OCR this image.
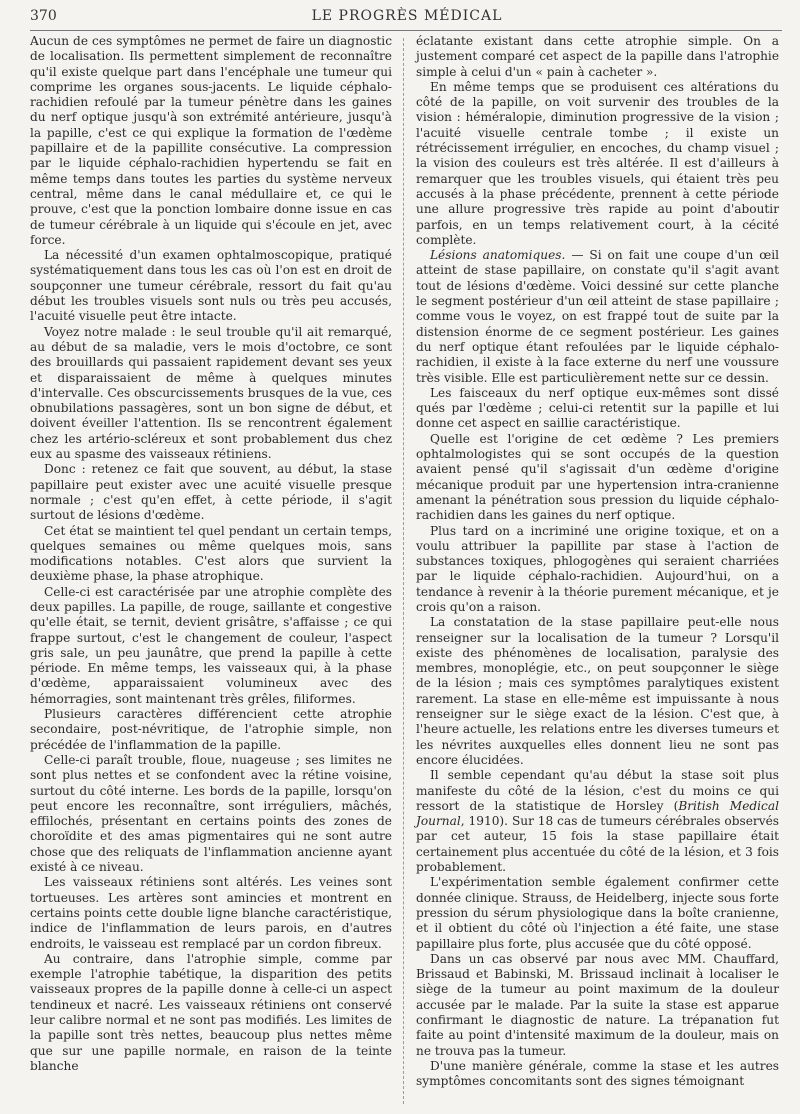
370	LE PROGRÈS MÉDICAL

Aucun de ces symptômes ne permet de faire un diagnostic de localisation. Ils permettent simplement de reconnaître qu'il existe quelque part dans l'encéphale une tumeur qui comprime les organes sous-jacents. Le liquide céphalo-rachidien refoulé par la tumeur pénètre dans les gaines du nerf optique jusqu'à son extrémité antérieure, jusqu'à la papille, c'est ce qui explique la formation de l'œdème papillaire et de la papillite consécutive. La compression par le liquide céphalo-rachidien hypertendu se fait en même temps dans toutes les parties du système nerveux central, même dans le canal médullaire et, ce qui le prouve, c'est que la ponction lombaire donne issue en cas de tumeur cérébrale à un liquide qui s'écoule en jet, avec force.

La nécessité d'un examen ophtalmoscopique, pratiqué systématiquement dans tous les cas où l'on est en droit de soupçonner une tumeur cérébrale, ressort du fait qu'au début les troubles visuels sont nuls ou très peu accusés, l'acuité visuelle peut être intacte.

Voyez notre malade : le seul trouble qu'il ait remarqué, au début de sa maladie, vers le mois d'octobre, ce sont des brouillards qui passaient rapidement devant ses yeux et disparaissaient de même à quelques minutes d'intervalle. Ces obscurcissements brusques de la vue, ces obnubilations passagères, sont un bon signe de début, et doivent éveiller l'attention. Ils se rencontrent également chez les artério-scléreux et sont probablement dus chez eux au spasme des vaisseaux rétiniens.

Donc : retenez ce fait que souvent, au début, la stase papillaire peut exister avec une acuité visuelle presque normale ; c'est qu'en effet, à cette période, il s'agit surtout de lésions d'œdème.

Cet état se maintient tel quel pendant un certain temps, quelques semaines ou même quelques mois, sans modifications notables. C'est alors que survient la deuxième phase, la phase atrophique.

Celle-ci est caractérisée par une atrophie complète des deux papilles. La papille, de rouge, saillante et congestive qu'elle était, se ternit, devient grisâtre, s'affaisse ; ce qui frappe surtout, c'est le changement de couleur, l'aspect gris sale, un peu jaunâtre, que prend la papille à cette période. En même temps, les vaisseaux qui, à la phase d'œdème, apparaissaient volumineux avec des hémorragies, sont maintenant très grêles, filiformes.

Plusieurs caractères différencient cette atrophie secondaire, post-névritique, de l'atrophie simple, non précédée de l'inflammation de la papille.

Celle-ci paraît trouble, floue, nuageuse ; ses limites ne sont plus nettes et se confondent avec la rétine voisine, surtout du côté interne. Les bords de la papille, lorsqu'on peut encore les reconnaître, sont irréguliers, mâchés, effilochés, présentant en certains points des zones de choroïdite et des amas pigmentaires qui ne sont autre chose que des reliquats de l'inflammation ancienne ayant existé à ce niveau.

Les vaisseaux rétiniens sont altérés. Les veines sont tortueuses. Les artères sont amincies et montrent en certains points cette double ligne blanche caractéristique, indice de l'inflammation de leurs parois, en d'autres endroits, le vaisseau est remplacé par un cordon fibreux.

Au contraire, dans l'atrophie simple, comme par exemple l'atrophie tabétique, la disparition des petits vaisseaux propres de la papille donne à celle-ci un aspect tendineux et nacré. Les vaisseaux rétiniens ont conservé leur calibre normal et ne sont pas modifiés. Les limites de la papille sont très nettes, beaucoup plus nettes même que sur une papille normale, en raison de la teinte blanche

éclatante existant dans cette atrophie simple. On a justement comparé cet aspect de la papille dans l'atrophie simple à celui d'un « pain à cacheter ».

En même temps que se produisent ces altérations du côté de la papille, on voit survenir des troubles de la vision : héméralopie, diminution progressive de la vision ; l'acuité visuelle centrale tombe ; il existe un rétrécissement irrégulier, en encoches, du champ visuel ; la vision des couleurs est très altérée. Il est d'ailleurs à remarquer que les troubles visuels, qui étaient très peu accusés à la phase précédente, prennent à cette période une allure progressive très rapide au point d'aboutir parfois, en un temps relativement court, à la cécité complète.

Lésions anatomiques. — Si on fait une coupe d'un œil atteint de stase papillaire, on constate qu'il s'agit avant tout de lésions d'œdème. Voici dessiné sur cette planche le segment postérieur d'un œil atteint de stase papillaire ; comme vous le voyez, on est frappé tout de suite par la distension énorme de ce segment postérieur. Les gaines du nerf optique étant refoulées par le liquide céphalo-rachidien, il existe à la face externe du nerf une voussure très visible. Elle est particulièrement nette sur ce dessin.

Les faisceaux du nerf optique eux-mêmes sont dissé qués par l'œdème ; celui-ci retentit sur la papille et lui donne cet aspect en saillie caractéristique.

Quelle est l'origine de cet œdème ? Les premiers ophtalmologistes qui se sont occupés de la question avaient pensé qu'il s'agissait d'un œdème d'origine mécanique produit par une hypertension intra-cranienne amenant la pénétration sous pression du liquide céphalo-rachidien dans les gaines du nerf optique.

Plus tard on a incriminé une origine toxique, et on a voulu attribuer la papillite par stase à l'action de substances toxiques, phlogogènes qui seraient charriées par le liquide céphalo-rachidien. Aujourd'hui, on a tendance à revenir à la théorie purement mécanique, et je crois qu'on a raison.

La constatation de la stase papillaire peut-elle nous renseigner sur la localisation de la tumeur ? Lorsqu'il existe des phénomènes de localisation, paralysie des membres, monoplégie, etc., on peut soupçonner le siège de la lésion ; mais ces symptômes paralytiques existent rarement. La stase en elle-même est impuissante à nous renseigner sur le siège exact de la lésion. C'est que, à l'heure actuelle, les relations entre les diverses tumeurs et les névrites auxquelles elles donnent lieu ne sont pas encore élucidées.

Il semble cependant qu'au début la stase soit plus manifeste du côté de la lésion, c'est du moins ce qui ressort de la statistique de Horsley (British Medical Journal, 1910). Sur 18 cas de tumeurs cérébrales observés par cet auteur, 15 fois la stase papillaire était certainement plus accentuée du côté de la lésion, et 3 fois probablement.

L'expérimentation semble également confirmer cette donnée clinique. Strauss, de Heidelberg, injecte sous forte pression du sérum physiologique dans la boîte cranienne, et il obtient du côté où l'injection a été faite, une stase papillaire plus forte, plus accusée que du côté opposé.

Dans un cas observé par nous avec MM. Chauffard, Brissaud et Babinski, M. Brissaud inclinait à localiser le siège de la tumeur au point maximum de la douleur accusée par le malade. Par la suite la stase est apparue confirmant le diagnostic de nature. La trépanation fut faite au point d'intensité maximum de la douleur, mais on ne trouva pas la tumeur.

D'une manière générale, comme la stase et les autres symptômes concomitants sont des signes témoignant
